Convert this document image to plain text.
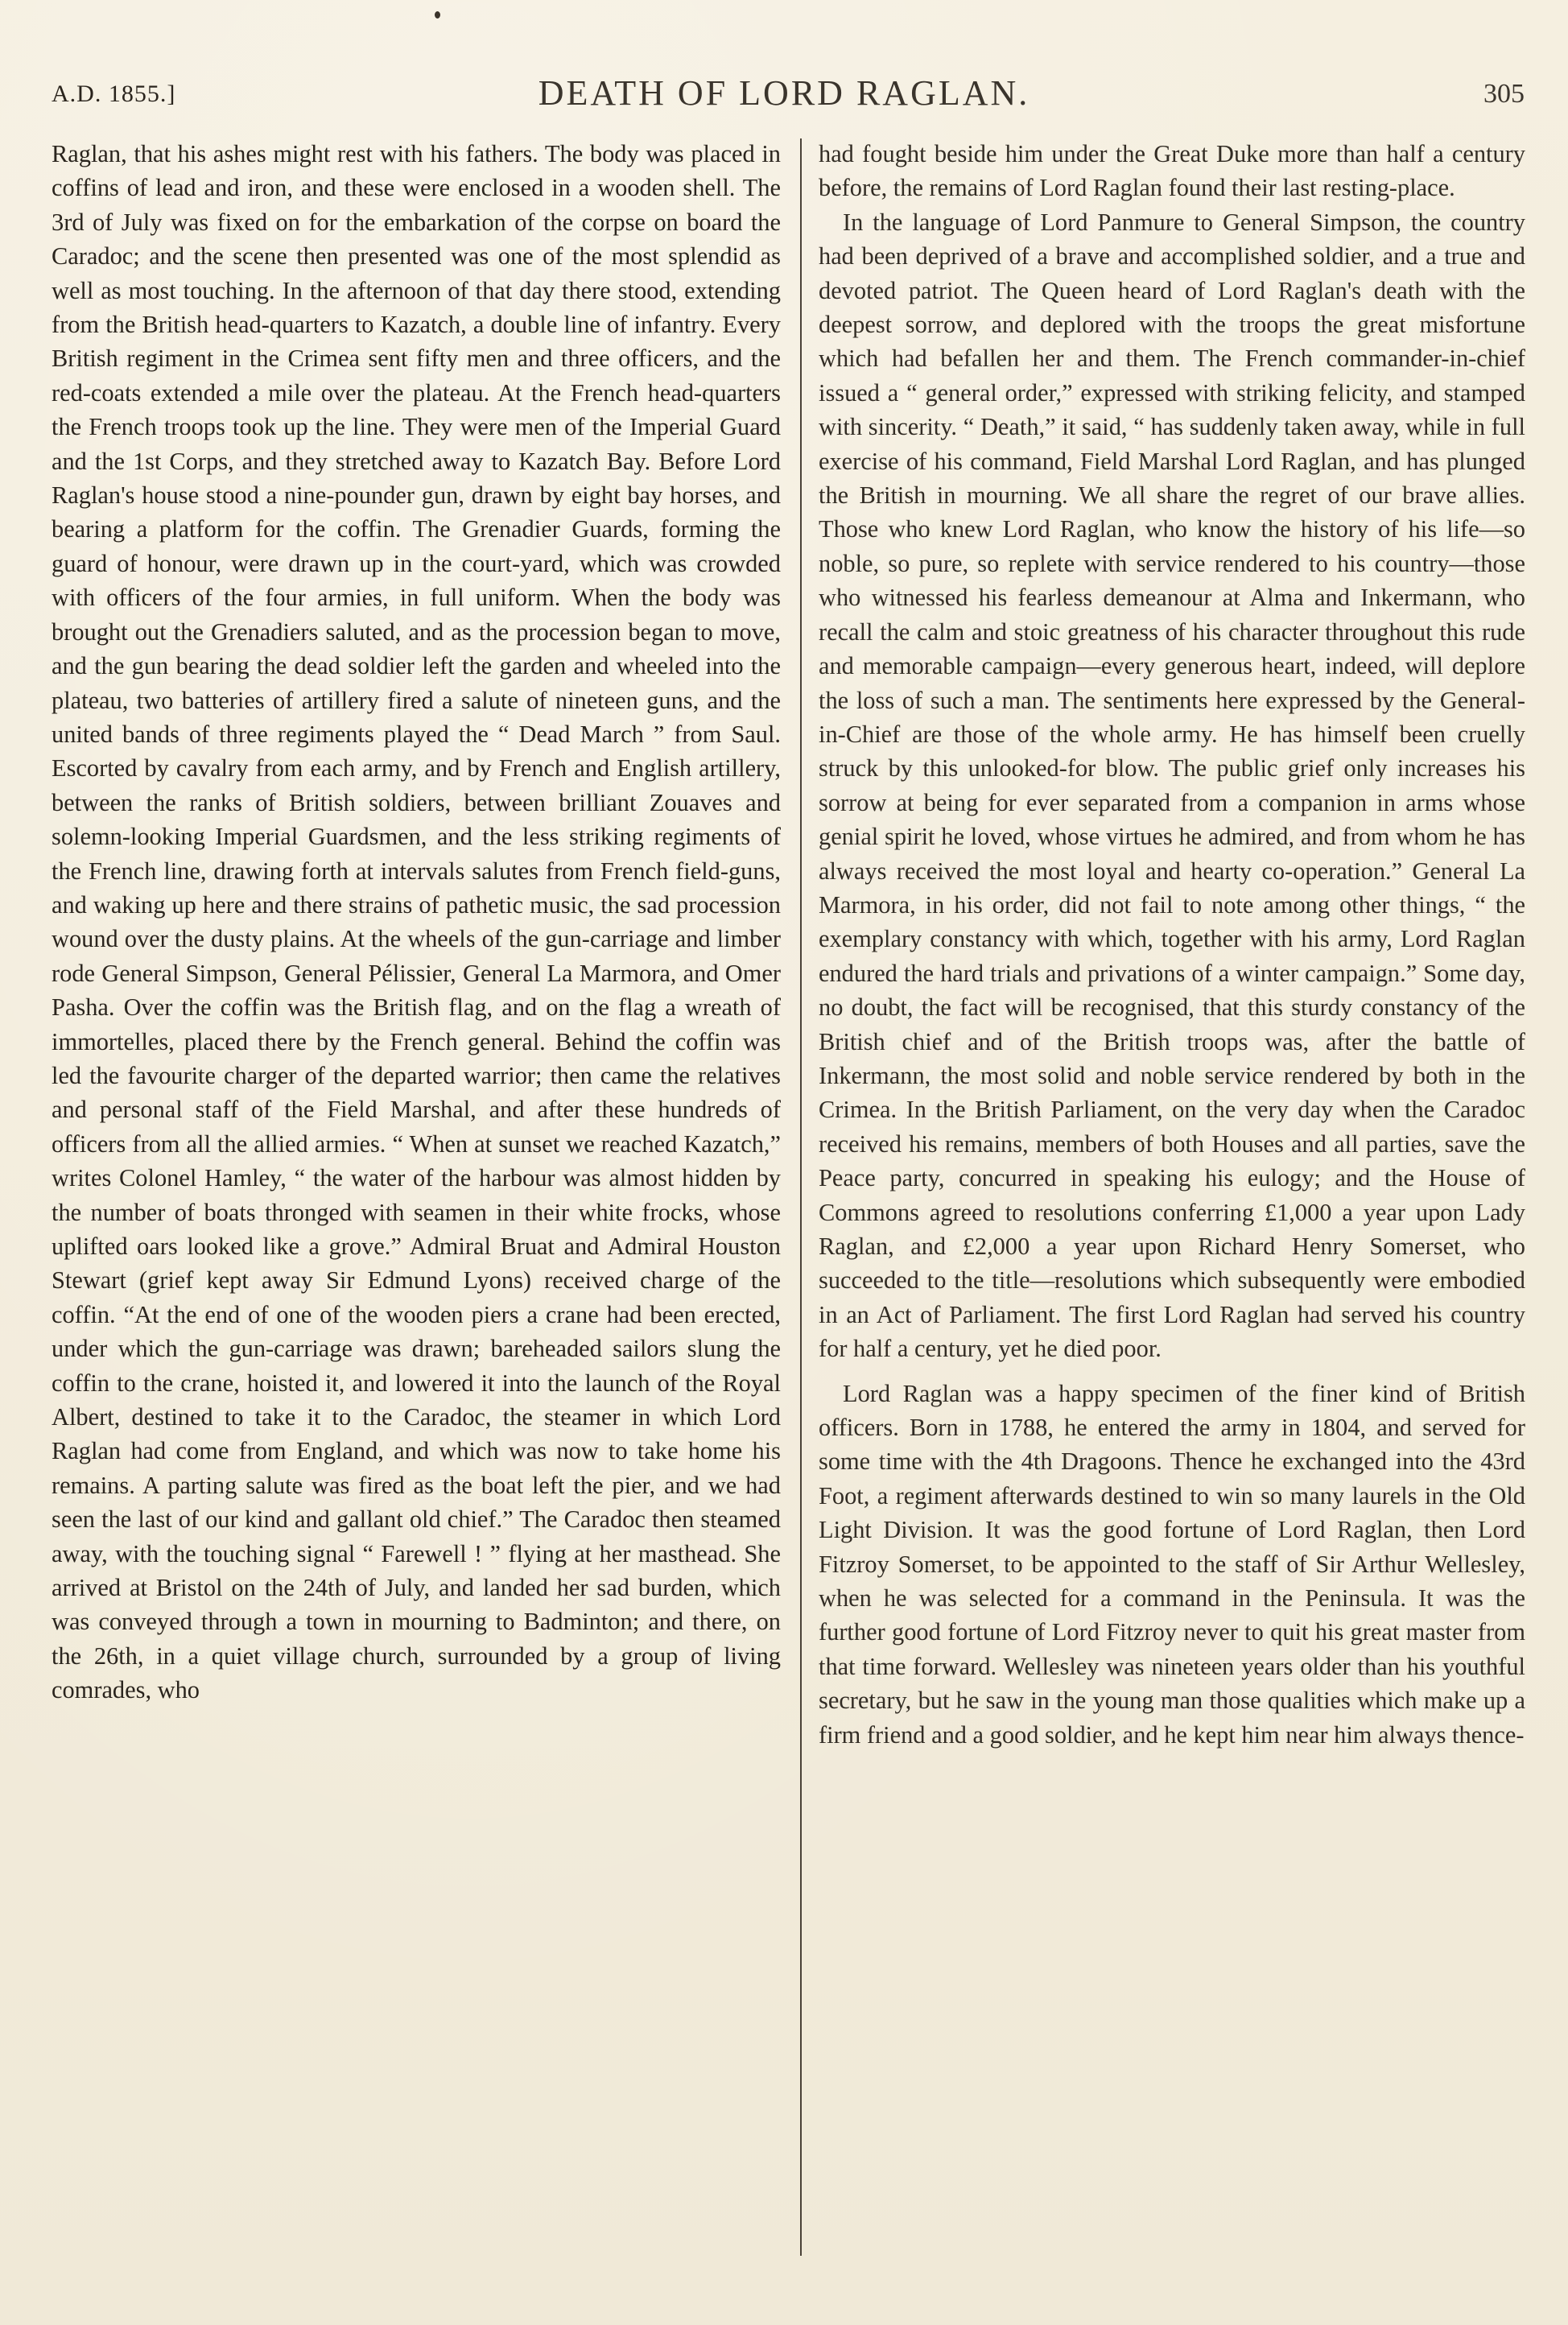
A.D. 1855.]	DEATH OF LORD RAGLAN.	305

Raglan, that his ashes might rest with his fathers. The body was placed in coffins of lead and iron, and these were enclosed in a wooden shell. The 3rd of July was fixed on for the embarkation of the corpse on board the Caradoc; and the scene then presented was one of the most splendid as well as most touching. In the afternoon of that day there stood, extending from the British head-quarters to Kazatch, a double line of infantry. Every British regiment in the Crimea sent fifty men and three officers, and the red-coats extended a mile over the plateau. At the French head-quarters the French troops took up the line. They were men of the Imperial Guard and the 1st Corps, and they stretched away to Kazatch Bay. Before Lord Raglan's house stood a nine-pounder gun, drawn by eight bay horses, and bearing a platform for the coffin. The Grenadier Guards, forming the guard of honour, were drawn up in the court-yard, which was crowded with officers of the four armies, in full uniform. When the body was brought out the Grenadiers saluted, and as the procession began to move, and the gun bearing the dead soldier left the garden and wheeled into the plateau, two batteries of artillery fired a salute of nineteen guns, and the united bands of three regiments played the “ Dead March ” from Saul. Escorted by cavalry from each army, and by French and English artillery, between the ranks of British soldiers, between brilliant Zouaves and solemn-looking Imperial Guardsmen, and the less striking regiments of the French line, drawing forth at intervals salutes from French field-guns, and waking up here and there strains of pathetic music, the sad procession wound over the dusty plains. At the wheels of the gun-carriage and limber rode General Simpson, General Pélissier, General La Marmora, and Omer Pasha. Over the coffin was the British flag, and on the flag a wreath of immortelles, placed there by the French general. Behind the coffin was led the favourite charger of the departed warrior; then came the relatives and personal staff of the Field Marshal, and after these hundreds of officers from all the allied armies. “ When at sunset we reached Kazatch,” writes Colonel Hamley, “ the water of the harbour was almost hidden by the number of boats thronged with seamen in their white frocks, whose uplifted oars looked like a grove.” Admiral Bruat and Admiral Houston Stewart (grief kept away Sir Edmund Lyons) received charge of the coffin. “At the end of one of the wooden piers a crane had been erected, under which the gun-carriage was drawn; bareheaded sailors slung the coffin to the crane, hoisted it, and lowered it into the launch of the Royal Albert, destined to take it to the Caradoc, the steamer in which Lord Raglan had come from England, and which was now to take home his remains. A parting salute was fired as the boat left the pier, and we had seen the last of our kind and gallant old chief.” The Caradoc then steamed away, with the touching signal “ Farewell ! ” flying at her masthead. She arrived at Bristol on the 24th of July, and landed her sad burden, which was conveyed through a town in mourning to Badminton; and there, on the 26th, in a quiet village church, surrounded by a group of living comrades, who

had fought beside him under the Great Duke more than half a century before, the remains of Lord Raglan found their last resting-place.

In the language of Lord Panmure to General Simpson, the country had been deprived of a brave and accomplished soldier, and a true and devoted patriot. The Queen heard of Lord Raglan's death with the deepest sorrow, and deplored with the troops the great misfortune which had befallen her and them. The French commander-in-chief issued a “ general order,” expressed with striking felicity, and stamped with sincerity. “ Death,” it said, “ has suddenly taken away, while in full exercise of his command, Field Marshal Lord Raglan, and has plunged the British in mourning. We all share the regret of our brave allies. Those who knew Lord Raglan, who know the history of his life—so noble, so pure, so replete with service rendered to his country—those who witnessed his fearless demeanour at Alma and Inkermann, who recall the calm and stoic greatness of his character throughout this rude and memorable campaign—every generous heart, indeed, will deplore the loss of such a man. The sentiments here expressed by the General-in-Chief are those of the whole army. He has himself been cruelly struck by this unlooked-for blow. The public grief only increases his sorrow at being for ever separated from a companion in arms whose genial spirit he loved, whose virtues he admired, and from whom he has always received the most loyal and hearty co-operation.” General La Marmora, in his order, did not fail to note among other things, “ the exemplary constancy with which, together with his army, Lord Raglan endured the hard trials and privations of a winter campaign.” Some day, no doubt, the fact will be recognised, that this sturdy constancy of the British chief and of the British troops was, after the battle of Inkermann, the most solid and noble service rendered by both in the Crimea. In the British Parliament, on the very day when the Caradoc received his remains, members of both Houses and all parties, save the Peace party, concurred in speaking his eulogy; and the House of Commons agreed to resolutions conferring £1,000 a year upon Lady Raglan, and £2,000 a year upon Richard Henry Somerset, who succeeded to the title—resolutions which subsequently were embodied in an Act of Parliament. The first Lord Raglan had served his country for half a century, yet he died poor.

Lord Raglan was a happy specimen of the finer kind of British officers. Born in 1788, he entered the army in 1804, and served for some time with the 4th Dragoons. Thence he exchanged into the 43rd Foot, a regiment afterwards destined to win so many laurels in the Old Light Division. It was the good fortune of Lord Raglan, then Lord Fitzroy Somerset, to be appointed to the staff of Sir Arthur Wellesley, when he was selected for a command in the Peninsula. It was the further good fortune of Lord Fitzroy never to quit his great master from that time forward. Wellesley was nineteen years older than his youthful secretary, but he saw in the young man those qualities which make up a firm friend and a good soldier, and he kept him near him always thence-
